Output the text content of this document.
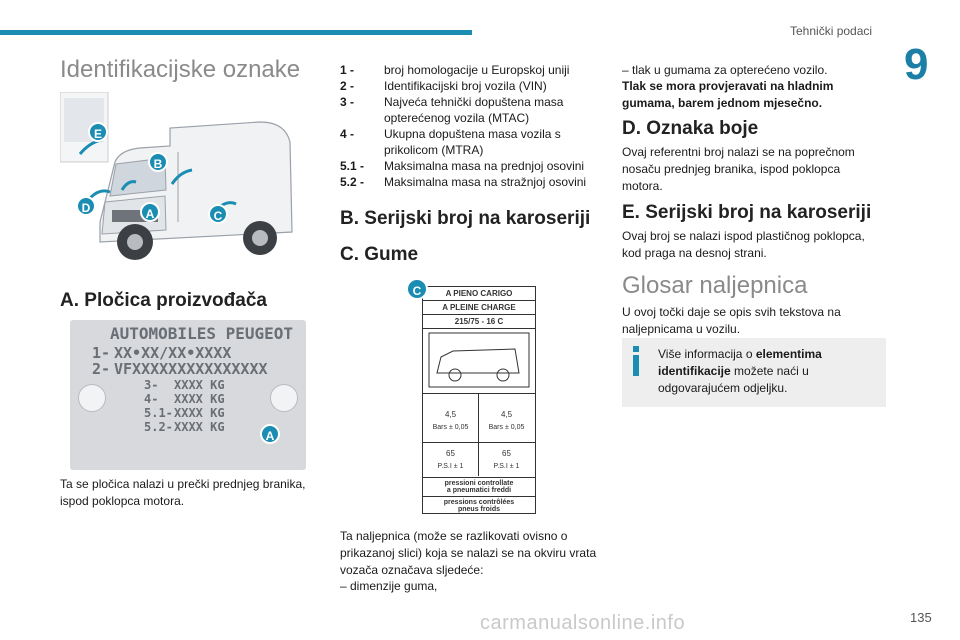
Tehnički podaci
9
Identifikacijske oznake
E
B
D	A	C
A. Pločica proizvođača
AUTOMOBILES PEUGEOT
1- XX•XX/XX•XXXX
2- VFXXXXXXXXXXXXXXX
3- XXXX KG
4- XXXX KG
5.1- XXXX KG
5.2- XXXX KG
A

Ta se pločica nalazi u prečki prednjeg branika, ispod poklopca motora.

1 -	broj homologacije u Europskoj uniji
2 -	Identifikacijski broj vozila (VIN)
3 -	Najveća tehnički dopuštena masa opterećenog vozila (MTAC)
4 -	Ukupna dopuštena masa vozila s prikolicom (MTRA)
5.1 -	Maksimalna masa na prednjoj osovini
5.2 -	Maksimalna masa na stražnjoj osovini
B. Serijski broj na karoseriji
C. Gume
A PIENO CARIGO
A PLEINE CHARGE
215/75 - 16 C
4,5	4,5
Bars ± 0,05	Bars ± 0,05
65	65
P.S.I ± 1	P.S.I ± 1
pressioni controllate
a pneumatici freddi
pressions contrôlées
pneus froids
C

Ta naljepnica (može se razlikovati ovisno o prikazanoj slici) koja se nalazi se na okviru vrata vozača označava sljedeće:

– dimenzije guma,

– tlak u gumama za opterećeno vozilo.

Tlak se mora provjeravati na hladnim gumama, barem jednom mjesečno.

D. Oznaka boje

Ovaj referentni broj nalazi se na poprečnom nosaču prednjeg branika, ispod poklopca motora.

E. Serijski broj na karoseriji

Ovaj broj se nalazi ispod plastičnog poklopca, kod praga na desnoj strani.

Glosar naljepnica

U ovoj točki daje se opis svih tekstova na naljepnicama u vozilu.

Više informacija o elementima identifikacije možete naći u odgovarajućem odjeljku.
carmanualsonline.info	135
